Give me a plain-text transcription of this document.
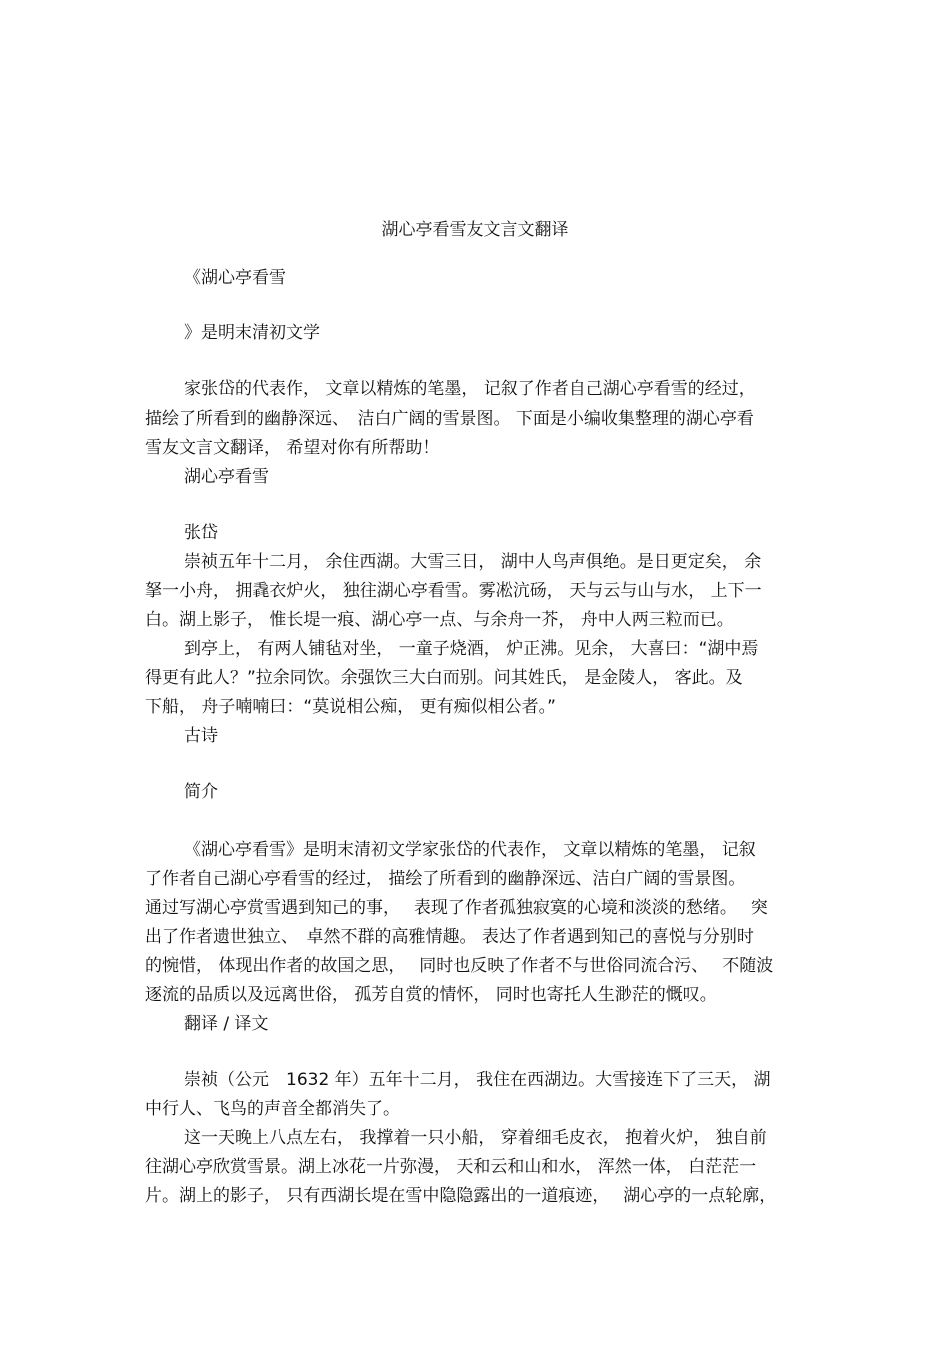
湖心亭看雪友文言文翻译
《湖心亭看雪
》是明末清初文学
家张岱的代表作， 文章以精炼的笔墨， 记叙了作者自己湖心亭看雪的经过，
描绘了所看到的幽静深远、　洁白广阔的雪景图。 下面是小编收集整理的湖心亭看
雪友文言文翻译， 希望对你有所帮助！
湖心亭看雪
张岱
崇祯五年十二月， 余住西湖。大雪三日， 湖中人鸟声俱绝。是日更定矣， 余
拏一小舟， 拥毳衣炉火， 独往湖心亭看雪。雾凇沆砀， 天与云与山与水， 上下一
白。湖上影子， 惟长堤一痕、湖心亭一点、与余舟一芥， 舟中人两三粒而已。
到亭上， 有两人铺毡对坐， 一童子烧酒， 炉正沸。见余， 大喜曰：“湖中焉
得更有此人？”拉余同饮。余强饮三大白而别。问其姓氏， 是金陵人， 客此。及
下船， 舟子喃喃曰：“莫说相公痴， 更有痴似相公者。”
古诗
简介
《湖心亭看雪》是明末清初文学家张岱的代表作， 文章以精炼的笔墨， 记叙
了作者自己湖心亭看雪的经过， 描绘了所看到的幽静深远、洁白广阔的雪景图。
通过写湖心亭赏雪遇到知己的事，　 表现了作者孤独寂寞的心境和淡淡的愁绪。　 突
出了作者遗世独立、　卓然不群的高雅情趣。 表达了作者遇到知己的喜悦与分别时
的惋惜， 体现出作者的故国之思，　 同时也反映了作者不与世俗同流合污、　 不随波
逐流的品质以及远离世俗， 孤芳自赏的情怀， 同时也寄托人生渺茫的慨叹。
翻译 / 译文
崇祯（公元　1632 年）五年十二月， 我住在西湖边。大雪接连下了三天， 湖
中行人、飞鸟的声音全都消失了。
这一天晚上八点左右， 我撑着一只小船， 穿着细毛皮衣， 抱着火炉， 独自前
往湖心亭欣赏雪景。湖上冰花一片弥漫， 天和云和山和水， 浑然一体， 白茫茫一
片。湖上的影子， 只有西湖长堤在雪中隐隐露出的一道痕迹，　 湖心亭的一点轮廓，
